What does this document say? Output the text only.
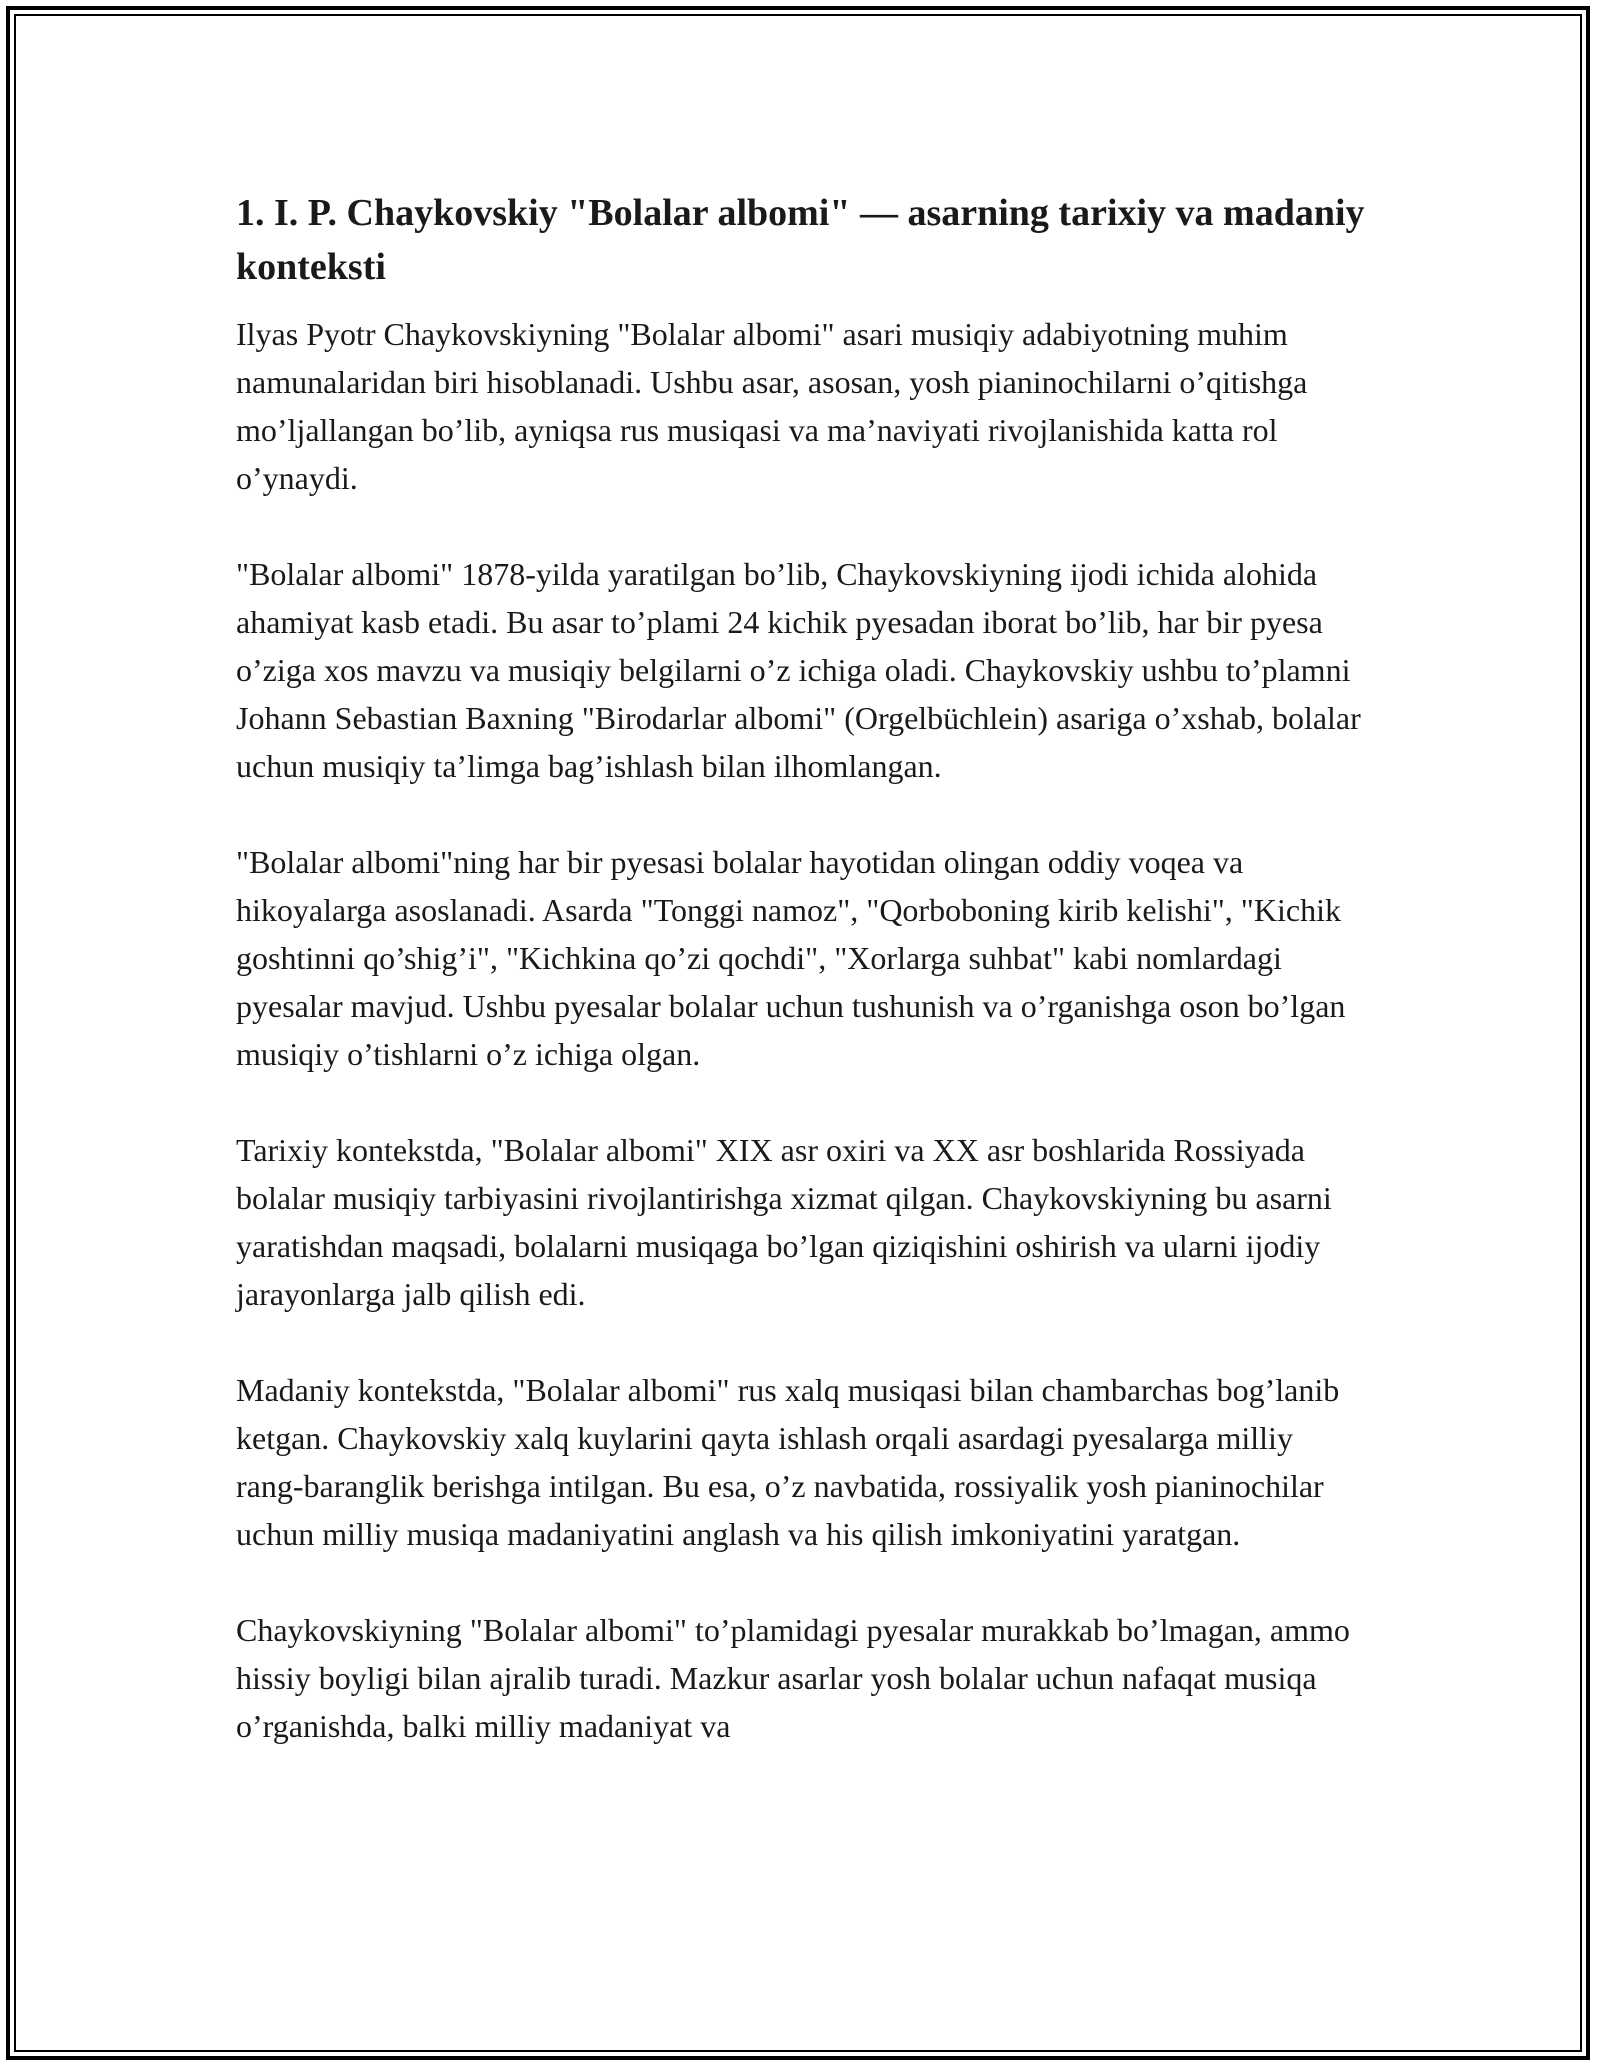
1. I. P. Chaykovskiy "Bolalar albomi" — asarning tarixiy va madaniy konteksti

Ilyas Pyotr Chaykovskiyning "Bolalar albomi" asari musiqiy adabiyotning muhim namunalaridan biri hisoblanadi. Ushbu asar, asosan, yosh pianinochilarni o’qitishga mo’ljallangan bo’lib, ayniqsa rus musiqasi va ma’naviyati rivojlanishida katta rol o’ynaydi.

"Bolalar albomi" 1878-yilda yaratilgan bo’lib, Chaykovskiyning ijodi ichida alohida ahamiyat kasb etadi. Bu asar to’plami 24 kichik pyesadan iborat bo’lib, har bir pyesa o’ziga xos mavzu va musiqiy belgilarni o’z ichiga oladi. Chaykovskiy ushbu to’plamni Johann Sebastian Baxning "Birodarlar albomi" (Orgelbüchlein) asariga o’xshab, bolalar uchun musiqiy ta’limga bag’ishlash bilan ilhomlangan.

"Bolalar albomi"ning har bir pyesasi bolalar hayotidan olingan oddiy voqea va hikoyalarga asoslanadi. Asarda "Tonggi namoz", "Qorboboning kirib kelishi", "Kichik goshtinni qo’shig’i", "Kichkina qo’zi qochdi", "Xorlarga suhbat" kabi nomlardagi pyesalar mavjud. Ushbu pyesalar bolalar uchun tushunish va o’rganishga oson bo’lgan musiqiy o’tishlarni o’z ichiga olgan.

Tarixiy kontekstda, "Bolalar albomi" XIX asr oxiri va XX asr boshlarida Rossiyada bolalar musiqiy tarbiyasini rivojlantirishga xizmat qilgan. Chaykovskiyning bu asarni yaratishdan maqsadi, bolalarni musiqaga bo’lgan qiziqishini oshirish va ularni ijodiy jarayonlarga jalb qilish edi.

Madaniy kontekstda, "Bolalar albomi" rus xalq musiqasi bilan chambarchas bog’lanib ketgan. Chaykovskiy xalq kuylarini qayta ishlash orqali asardagi pyesalarga milliy rang-baranglik berishga intilgan. Bu esa, o’z navbatida, rossiyalik yosh pianinochilar uchun milliy musiqa madaniyatini anglash va his qilish imkoniyatini yaratgan.

Chaykovskiyning "Bolalar albomi" to’plamidagi pyesalar murakkab bo’lmagan, ammo hissiy boyligi bilan ajralib turadi. Mazkur asarlar yosh bolalar uchun nafaqat musiqa o’rganishda, balki milliy madaniyat va
